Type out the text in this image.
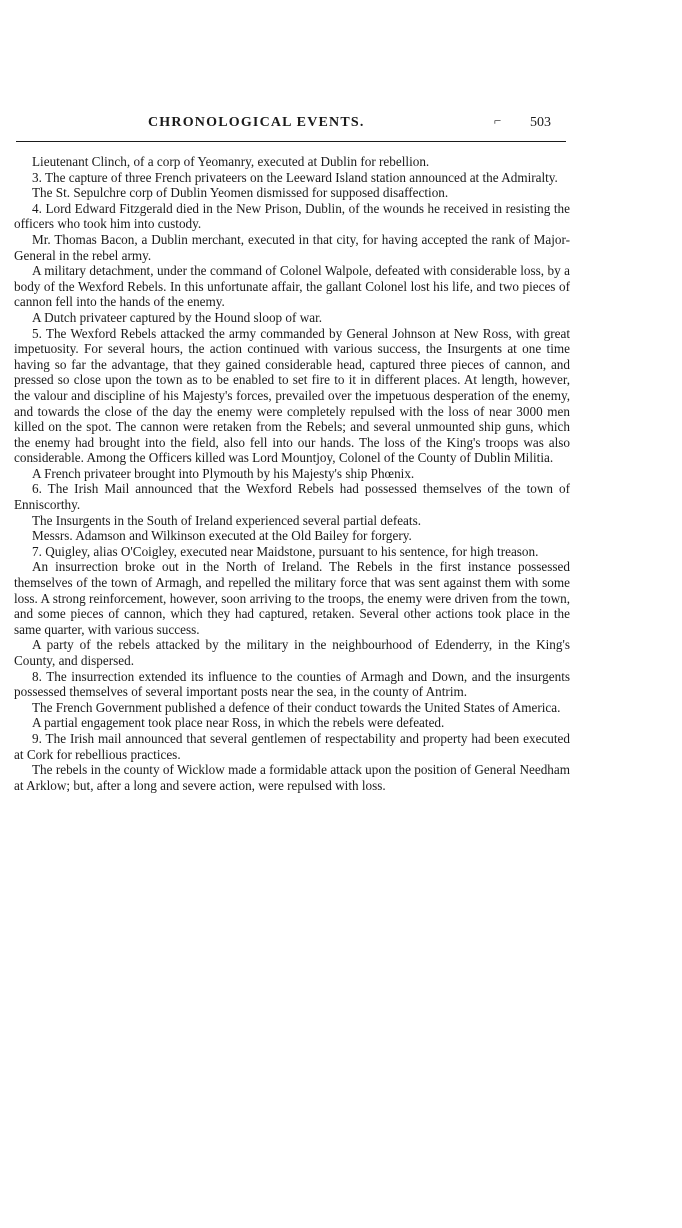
CHRONOLOGICAL EVENTS.	⌐ 503

Lieutenant Clinch, of a corp of Yeomanry, executed at Dublin for rebellion.

3. The capture of three French privateers on the Leeward Island station announced at the Admiralty.

The St. Sepulchre corp of Dublin Yeomen dismissed for supposed disaffection.

4. Lord Edward Fitzgerald died in the New Prison, Dublin, of the wounds he received in resisting the officers who took him into custody.

Mr. Thomas Bacon, a Dublin merchant, executed in that city, for having accepted the rank of Major-General in the rebel army.

A military detachment, under the command of Colonel Walpole, defeated with considerable loss, by a body of the Wexford Rebels. In this unfortunate affair, the gallant Colonel lost his life, and two pieces of cannon fell into the hands of the enemy.

A Dutch privateer captured by the Hound sloop of war.

5. The Wexford Rebels attacked the army commanded by General Johnson at New Ross, with great impetuosity. For several hours, the action continued with various success, the Insurgents at one time having so far the advantage, that they gained considerable head, captured three pieces of cannon, and pressed so close upon the town as to be enabled to set fire to it in different places. At length, however, the valour and discipline of his Majesty's forces, prevailed over the impetuous desperation of the enemy, and towards the close of the day the enemy were completely repulsed with the loss of near 3000 men killed on the spot. The cannon were retaken from the Rebels; and several unmounted ship guns, which the enemy had brought into the field, also fell into our hands. The loss of the King's troops was also considerable. Among the Officers killed was Lord Mountjoy, Colonel of the County of Dublin Militia.

A French privateer brought into Plymouth by his Majesty's ship Phœnix.

6. The Irish Mail announced that the Wexford Rebels had possessed themselves of the town of Enniscorthy.

The Insurgents in the South of Ireland experienced several partial defeats.

Messrs. Adamson and Wilkinson executed at the Old Bailey for forgery.

7. Quigley, alias O'Coigley, executed near Maidstone, pursuant to his sentence, for high treason.

An insurrection broke out in the North of Ireland. The Rebels in the first instance possessed themselves of the town of Armagh, and repelled the military force that was sent against them with some loss. A strong reinforcement, however, soon arriving to the troops, the enemy were driven from the town, and some pieces of cannon, which they had captured, retaken. Several other actions took place in the same quarter, with various success.

A party of the rebels attacked by the military in the neighbourhood of Edenderry, in the King's County, and dispersed.

8. The insurrection extended its influence to the counties of Armagh and Down, and the insurgents possessed themselves of several important posts near the sea, in the county of Antrim.

The French Government published a defence of their conduct towards the United States of America.

A partial engagement took place near Ross, in which the rebels were defeated.

9. The Irish mail announced that several gentlemen of respectability and property had been executed at Cork for rebellious practices.

The rebels in the county of Wicklow made a formidable attack upon the position of General Needham at Arklow; but, after a long and severe action, were repulsed with loss.
